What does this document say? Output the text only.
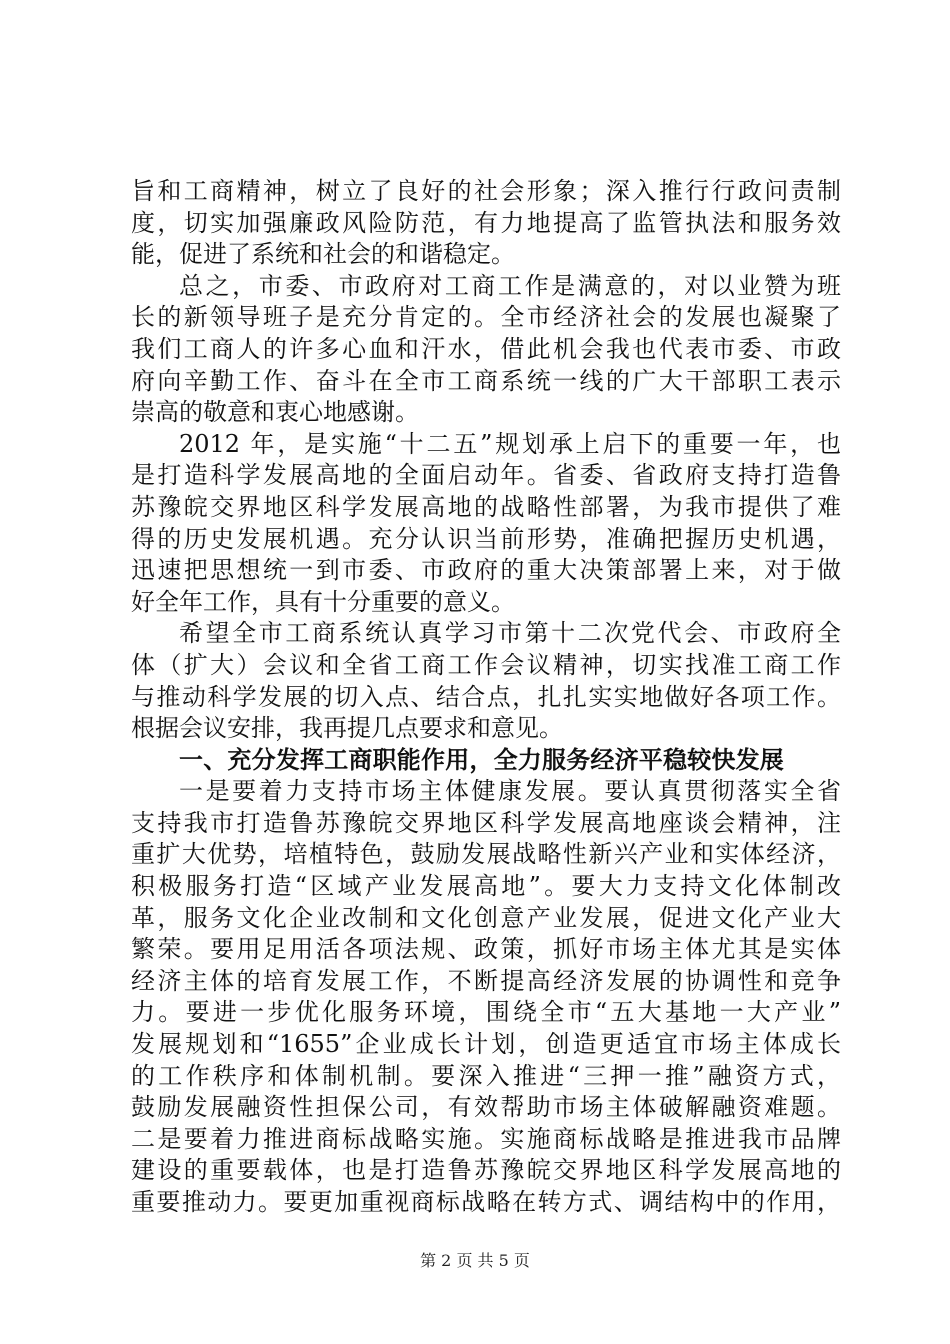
旨和工商精神，树立了良好的社会形象；深入推行行政问责制
度，切实加强廉政风险防范，有力地提高了监管执法和服务效
能，促进了系统和社会的和谐稳定。
总之，市委、市政府对工商工作是满意的，对以业赞为班
长的新领导班子是充分肯定的。全市经济社会的发展也凝聚了
我们工商人的许多心血和汗水，借此机会我也代表市委、市政
府向辛勤工作、奋斗在全市工商系统一线的广大干部职工表示
崇高的敬意和衷心地感谢。
2012 年，是实施“十二五”规划承上启下的重要一年，也
是打造科学发展高地的全面启动年。省委、省政府支持打造鲁
苏豫皖交界地区科学发展高地的战略性部署，为我市提供了难
得的历史发展机遇。充分认识当前形势，准确把握历史机遇，
迅速把思想统一到市委、市政府的重大决策部署上来，对于做
好全年工作，具有十分重要的意义。
希望全市工商系统认真学习市第十二次党代会、市政府全
体（扩大）会议和全省工商工作会议精神，切实找准工商工作
与推动科学发展的切入点、结合点，扎扎实实地做好各项工作。
根据会议安排，我再提几点要求和意见。
一、充分发挥工商职能作用，全力服务经济平稳较快发展
一是要着力支持市场主体健康发展。要认真贯彻落实全省
支持我市打造鲁苏豫皖交界地区科学发展高地座谈会精神，注
重扩大优势，培植特色，鼓励发展战略性新兴产业和实体经济，
积极服务打造“区域产业发展高地”。要大力支持文化体制改
革，服务文化企业改制和文化创意产业发展，促进文化产业大
繁荣。要用足用活各项法规、政策，抓好市场主体尤其是实体
经济主体的培育发展工作，不断提高经济发展的协调性和竞争
力。要进一步优化服务环境，围绕全市“五大基地一大产业”
发展规划和“1655”企业成长计划，创造更适宜市场主体成长
的工作秩序和体制机制。要深入推进“三押一推”融资方式，
鼓励发展融资性担保公司，有效帮助市场主体破解融资难题。
二是要着力推进商标战略实施。实施商标战略是推进我市品牌
建设的重要载体，也是打造鲁苏豫皖交界地区科学发展高地的
重要推动力。要更加重视商标战略在转方式、调结构中的作用，
第 2 页 共 5 页
